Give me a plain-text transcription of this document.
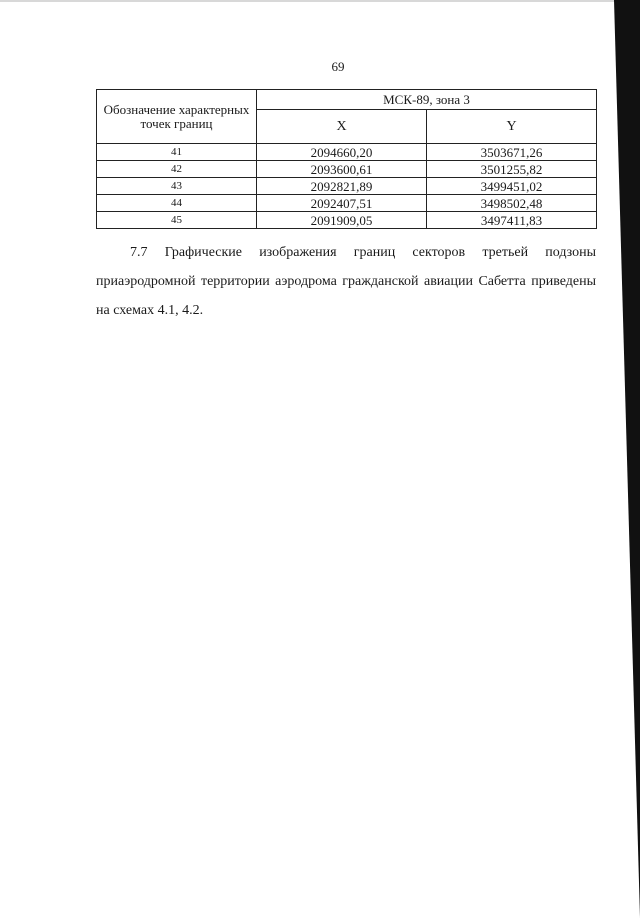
69
Обозначение характерных точек границ	МСК-89, зона 3	
	X	Y
41	2094660,20	3503671,26
42	2093600,61	3501255,82
43	2092821,89	3499451,02
44	2092407,51	3498502,48
45	2091909,05	3497411,83

7.7 Графические изображения границ секторов третьей подзоны приаэродромной территории аэродрома гражданской авиации Сабетта приведены на схемах 4.1, 4.2.
